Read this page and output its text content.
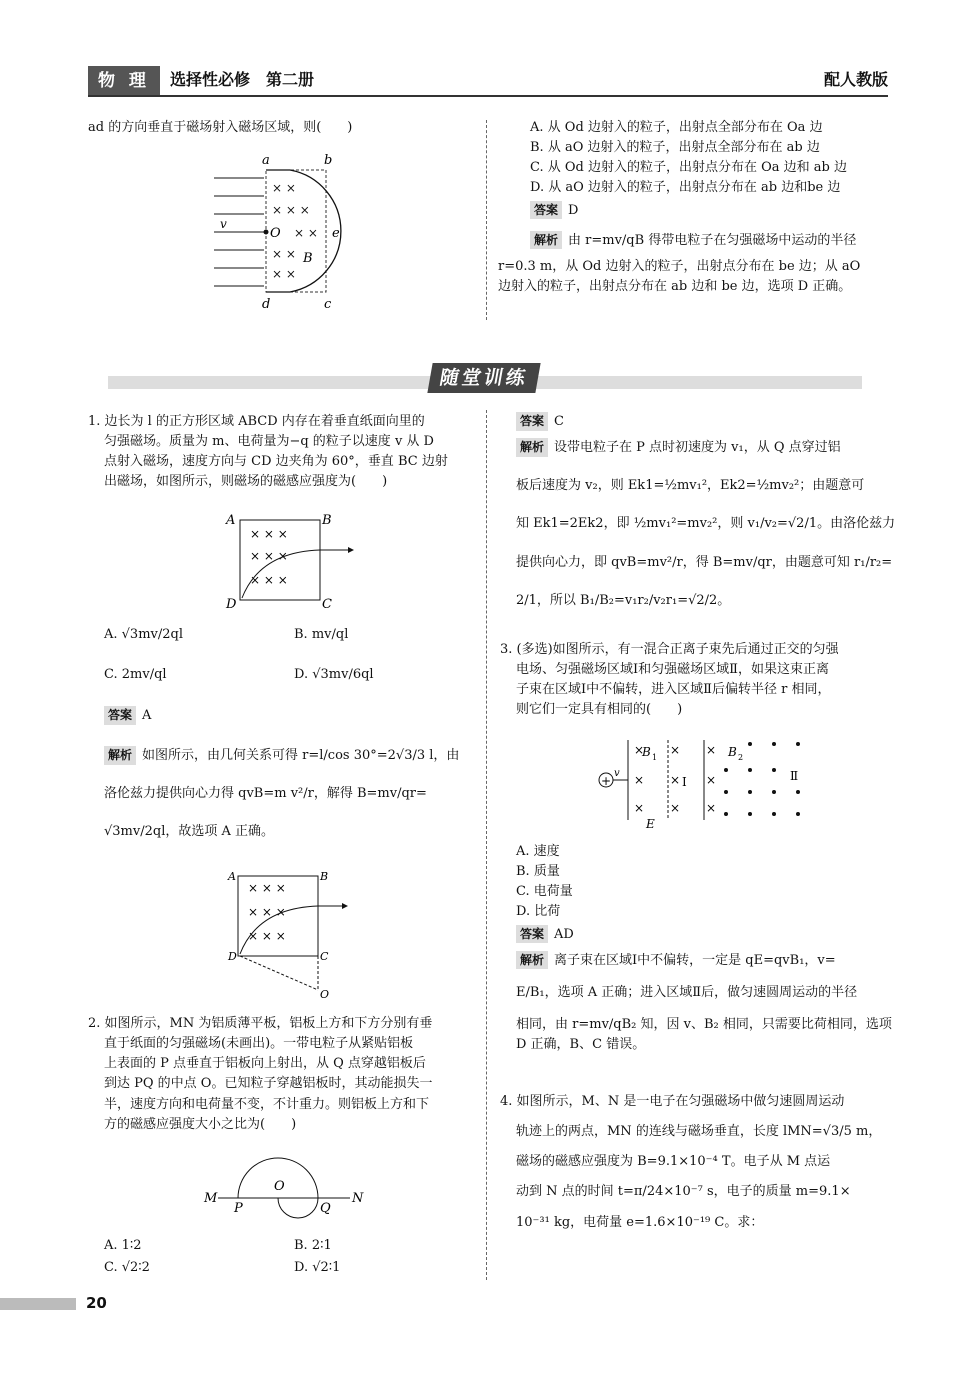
物 理	选择性必修　第二册	配人教版
ad 的方向垂直于磁场射入磁场区域，则(　　)
a	b
d	c
v
O	e
B
× ×
× × ×
× ×
× ×
× ×
A. 从 Od 边射入的粒子，出射点全部分布在 Oa 边
B. 从 aO 边射入的粒子，出射点全部分布在 ab 边
C. 从 Od 边射入的粒子，出射点分布在 Oa 边和 ab 边
D. 从 aO 边射入的粒子，出射点分布在 ab 边和be 边
答案 D
解析 由 r=mv/qB 得带电粒子在匀强磁场中运动的半径
r=0.3 m，从 Od 边射入的粒子，出射点分布在 be 边；从 aO
边射入的粒子，出射点分布在 ab 边和 be 边，选项 D 正确。
随堂训练
1. 边长为 l 的正方形区域 ABCD 内存在着垂直纸面向里的
匀强磁场。质量为 m、电荷量为−q 的粒子以速度 v 从 D
点射入磁场，速度方向与 CD 边夹角为 60°，垂直 BC 边射
出磁场，如图所示，则磁场的磁感应强度为(　　)
A	B
D	C
× × ×
× × ×
× × ×
A. √3mv/2ql	B. mv/ql
C. 2mv/ql	D. √3mv/6ql
答案 A
解析 如图所示，由几何关系可得 r=l/cos 30°=2√3/3 l，由
洛伦兹力提供向心力得 qvB=m v²/r，解得 B=mv/qr=
√3mv/2ql，故选项 A 正确。
A	B
D	C
O
× × ×
× × ×
× × ×
2. 如图所示，MN 为铝质薄平板，铝板上方和下方分别有垂
直于纸面的匀强磁场(未画出)。一带电粒子从紧贴铝板
上表面的 P 点垂直于铝板向上射出，从 Q 点穿越铝板后
到达 PQ 的中点 O。已知粒子穿越铝板时，其动能损失一
半，速度方向和电荷量不变，不计重力。则铝板上方和下
方的磁感应强度大小之比为(　　)
M	N
O
P	Q
A. 1∶2	B. 2∶1
C. √2∶2	D. √2∶1
答案 C
解析 设带电粒子在 P 点时初速度为 v₁，从 Q 点穿过铝
板后速度为 v₂，则 Ek1=½mv₁²，Ek2=½mv₂²；由题意可
知 Ek1=2Ek2，即 ½mv₁²=mv₂²，则 v₁/v₂=√2/1。由洛伦兹力
提供向心力，即 qvB=mv²/r，得 B=mv/qr，由题意可知 r₁/r₂=
2/1，所以 B₁/B₂=v₁r₂/v₂r₁=√2/2。
3. (多选)如图所示，有一混合正离子束先后通过正交的匀强
电场、匀强磁场区域Ⅰ和匀强磁场区域Ⅱ，如果这束正离
子束在区域Ⅰ中不偏转，进入区域Ⅱ后偏转半径 r 相同，
则它们一定具有相同的(　　)
+
v
×
×
×
×
×
×
×
×
×
B 1
Ⅰ
E
B 2
Ⅱ
A. 速度
B. 质量
C. 电荷量
D. 比荷
答案 AD
解析 离子束在区域Ⅰ中不偏转，一定是 qE=qvB₁，v=
E/B₁，选项 A 正确；进入区域Ⅱ后，做匀速圆周运动的半径
相同，由 r=mv/qB₂ 知，因 v、B₂ 相同，只需要比荷相同，选项
D 正确，B、C 错误。
4. 如图所示，M、N 是一电子在匀强磁场中做匀速圆周运动
轨迹上的两点，MN 的连线与磁场垂直，长度 lMN=√3/5 m，
磁场的磁感应强度为 B=9.1×10⁻⁴ T。电子从 M 点运
动到 N 点的时间 t=π/24×10⁻⁷ s，电子的质量 m=9.1×
10⁻³¹ kg，电荷量 e=1.6×10⁻¹⁹ C。求：
20
